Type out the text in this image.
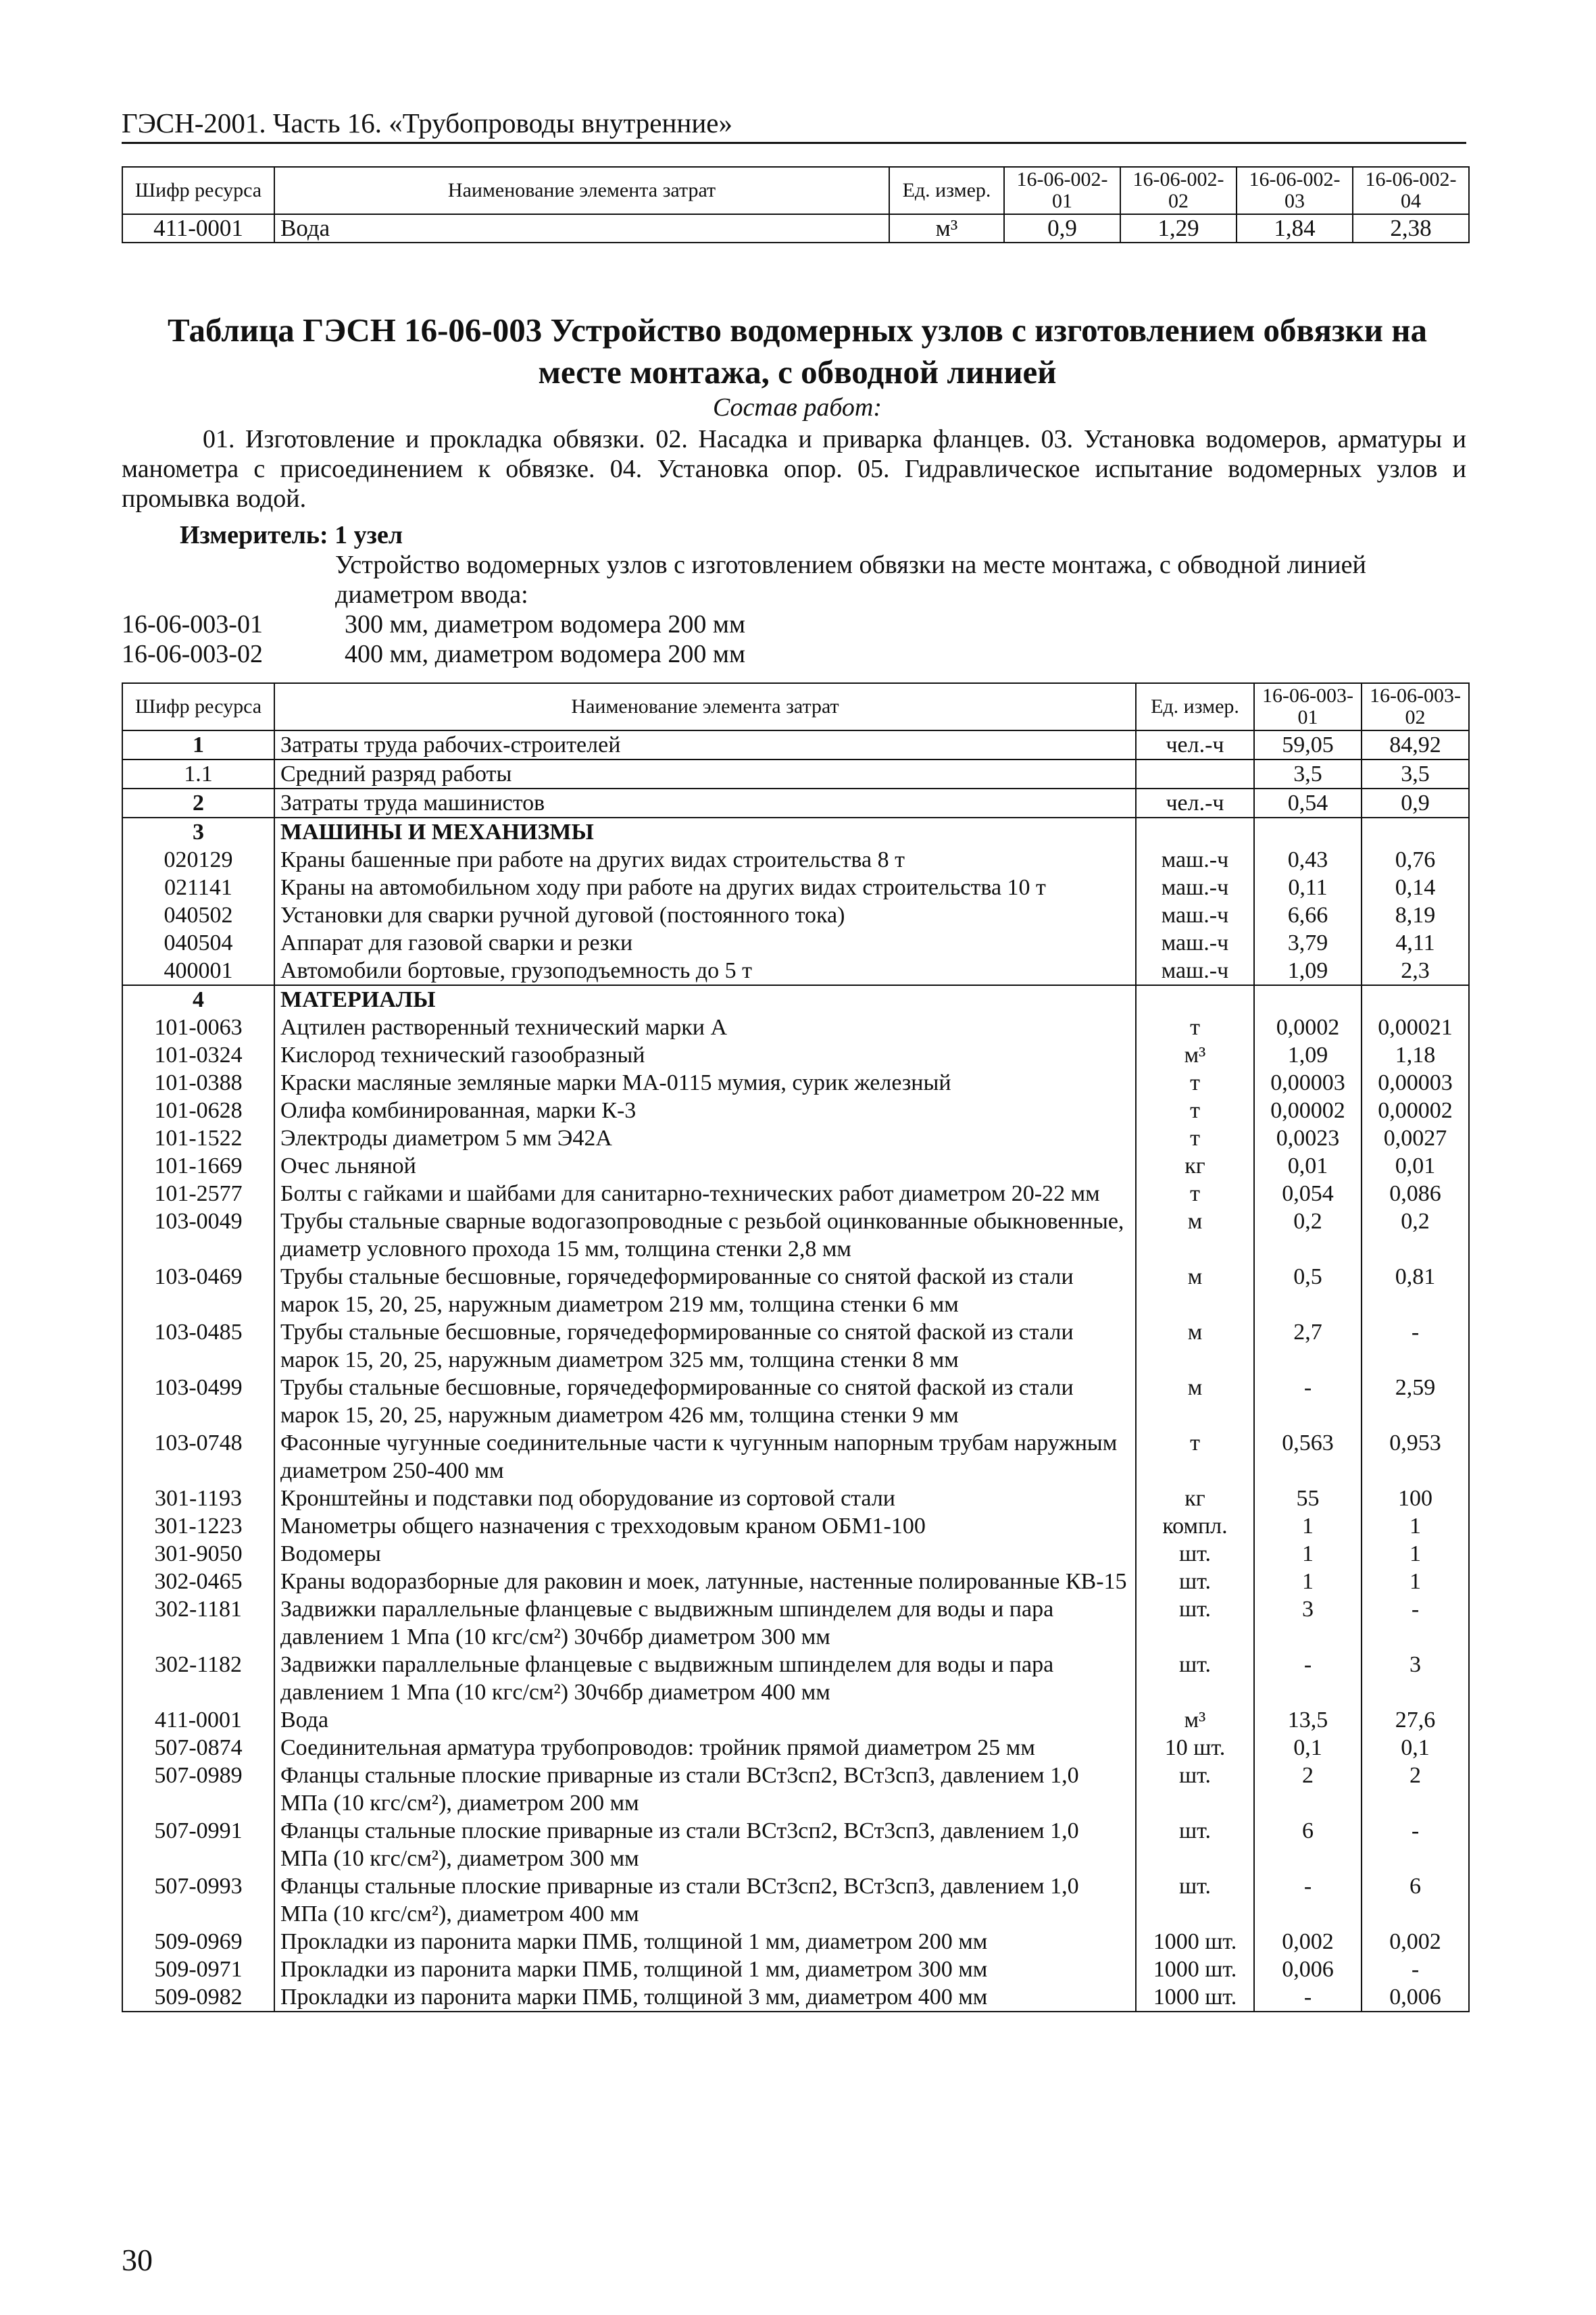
ГЭСН-2001. Часть 16. «Трубопроводы внутренние»
Шифр ресурса	Наименование элемента затрат	Ед. измер.	16-06-002-01	16-06-002-02	16-06-002-03	16-06-002-04
411-0001	Вода	м³	0,9	1,29	1,84	2,38
Таблица ГЭСН 16-06-003 Устройство водомерных узлов с изготовлением обвязки на
месте монтажа, с обводной линией
Состав работ:
01. Изготовление и прокладка обвязки. 02. Насадка и приварка фланцев. 03. Установка водомеров, арматуры и манометра с присоединением к обвязке. 04. Установка опор. 05. Гидравлическое испытание водомерных узлов и промывка водой.
Измеритель: 1 узел
Устройство водомерных узлов с изготовлением обвязки на месте монтажа, с обводной линией диаметром ввода:
16-06-003-01	300 мм, диаметром водомера 200 мм
16-06-003-02	400 мм, диаметром водомера 200 мм
Шифр ресурса	Наименование элемента затрат	Ед. измер.	16-06-003-01	16-06-003-02
1	Затраты труда рабочих-строителей	чел.-ч	59,05	84,92
1.1	Средний разряд работы		3,5	3,5
2	Затраты труда машинистов	чел.-ч	0,54	0,9
3	МАШИНЫ И МЕХАНИЗМЫ			
020129	Краны башенные при работе на других видах строительства 8 т	маш.-ч	0,43	0,76
021141	Краны на автомобильном ходу при работе на других видах строительства 10 т	маш.-ч	0,11	0,14
040502	Установки для сварки ручной дуговой (постоянного тока)	маш.-ч	6,66	8,19
040504	Аппарат для газовой сварки и резки	маш.-ч	3,79	4,11
400001	Автомобили бортовые, грузоподъемность до 5 т	маш.-ч	1,09	2,3
4	МАТЕРИАЛЫ			
101-0063	Ацтилен растворенный технический марки А	т	0,0002	0,00021
101-0324	Кислород технический газообразный	м³	1,09	1,18
101-0388	Краски масляные земляные марки МА-0115 мумия, сурик железный	т	0,00003	0,00003
101-0628	Олифа комбинированная, марки К-3	т	0,00002	0,00002
101-1522	Электроды диаметром 5 мм Э42А	т	0,0023	0,0027
101-1669	Очес льняной	кг	0,01	0,01
101-2577	Болты с гайками и шайбами для санитарно-технических работ диаметром 20-22 мм	т	0,054	0,086
103-0049	Трубы стальные сварные водогазопроводные с резьбой оцинкованные обыкновенные, диаметр условного прохода 15 мм, толщина стенки 2,8 мм	м	0,2	0,2
103-0469	Трубы стальные бесшовные, горячедеформированные со снятой фаской из стали марок 15, 20, 25, наружным диаметром 219 мм, толщина стенки 6 мм	м	0,5	0,81
103-0485	Трубы стальные бесшовные, горячедеформированные со снятой фаской из стали марок 15, 20, 25, наружным диаметром 325 мм, толщина стенки 8 мм	м	2,7	-
103-0499	Трубы стальные бесшовные, горячедеформированные со снятой фаской из стали марок 15, 20, 25, наружным диаметром 426 мм, толщина стенки 9 мм	м	-	2,59
103-0748	Фасонные чугунные соединительные части к чугунным напорным трубам наружным диаметром 250-400 мм	т	0,563	0,953
301-1193	Кронштейны и подставки под оборудование из сортовой стали	кг	55	100
301-1223	Манометры общего назначения с трехходовым краном ОБМ1-100	компл.	1	1
301-9050	Водомеры	шт.	1	1
302-0465	Краны водоразборные для раковин и моек, латунные, настенные полированные КВ-15	шт.	1	1
302-1181	Задвижки параллельные фланцевые с выдвижным шпинделем для воды и пара давлением 1 Мпа (10 кгс/см²) 30ч6бр диаметром 300 мм	шт.	3	-
302-1182	Задвижки параллельные фланцевые с выдвижным шпинделем для воды и пара давлением 1 Мпа (10 кгс/см²) 30ч6бр диаметром 400 мм	шт.	-	3
411-0001	Вода	м³	13,5	27,6
507-0874	Соединительная арматура трубопроводов: тройник прямой диаметром 25 мм	10 шт.	0,1	0,1
507-0989	Фланцы стальные плоские приварные из стали ВСт3сп2, ВСт3сп3, давлением 1,0 МПа (10 кгс/см²), диаметром 200 мм	шт.	2	2
507-0991	Фланцы стальные плоские приварные из стали ВСт3сп2, ВСт3сп3, давлением 1,0 МПа (10 кгс/см²), диаметром 300 мм	шт.	6	-
507-0993	Фланцы стальные плоские приварные из стали ВСт3сп2, ВСт3сп3, давлением 1,0 МПа (10 кгс/см²), диаметром 400 мм	шт.	-	6
509-0969	Прокладки из паронита марки ПМБ, толщиной 1 мм, диаметром 200 мм	1000 шт.	0,002	0,002
509-0971	Прокладки из паронита марки ПМБ, толщиной 1 мм, диаметром 300 мм	1000 шт.	0,006	-
509-0982	Прокладки из паронита марки ПМБ, толщиной 3 мм, диаметром 400 мм	1000 шт.	-	0,006
30
